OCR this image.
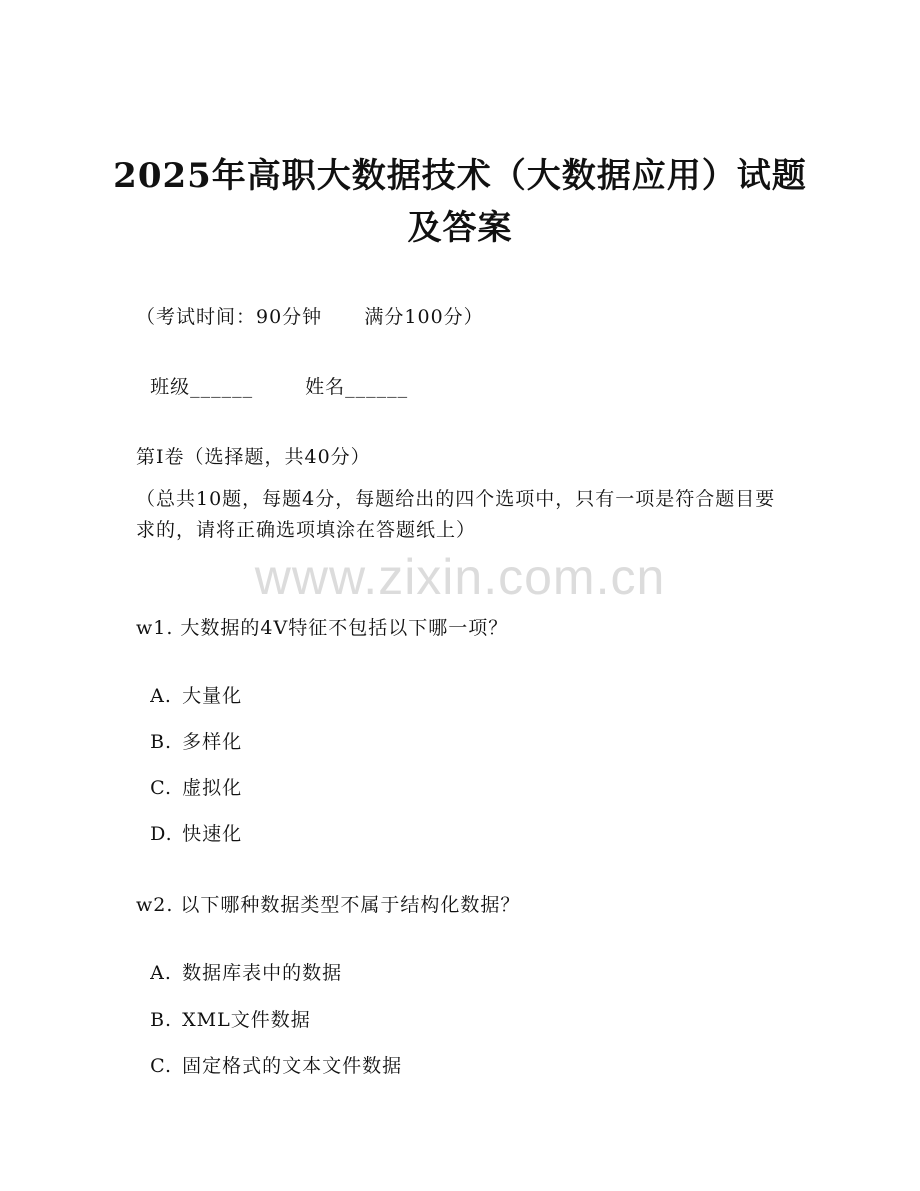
2025年高职大数据技术（大数据应用）试题
及答案
（考试时间：90分钟      满分100分）

班级______	姓名______

第I卷（选择题，共40分）
（总共10题，每题4分，每题给出的四个选项中，只有一项是符合题目要求的，请将正确选项填涂在答题纸上）
www.zixin.com.cn
w1. 大数据的4V特征不包括以下哪一项？

A. 大量化

B. 多样化

C. 虚拟化

D. 快速化

w2. 以下哪种数据类型不属于结构化数据？

A. 数据库表中的数据

B. XML文件数据

C. 固定格式的文本文件数据
